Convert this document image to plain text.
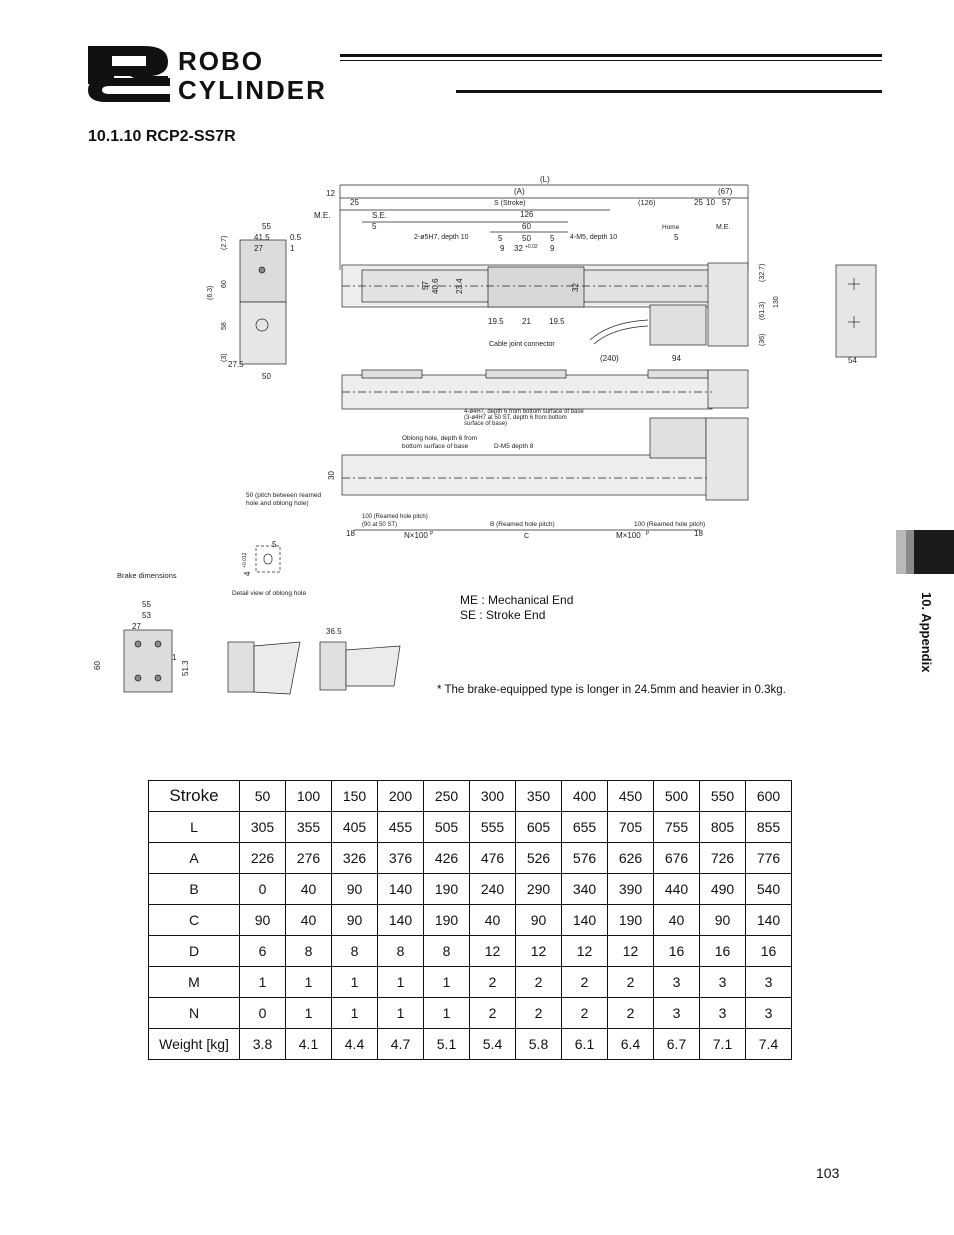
ROBO
CYLINDER
10.1.10 RCP2-SS7R
(L)
(A)
S (Stroke)	(126)
(67)
57
12
25	25 10
M.E.	S.E.
5	Home
5
M.E.
126
60
5 50 5
9 32 +0.02 9
2-ø5H7, depth 10	4-M5, depth 10
55
41.5	0.5
27	1
(2.7)
(6.3)
60
58
(3)
27.5
50
57 40.6 23.4	32
19.5 21 19.5
Cable joint connector
(240)	94
(32.7)
(61.3)
(36)
130
54
4-ø4H7, depth 6 from bottom surface of base
(3-ø4H7 at 50 ST, depth 6 from bottom
surface of base)
Oblong hole, depth 6 from
bottom surface of base	D-M5 depth 8
30
50 (pitch between reamed
hole and oblong hole)
100 (Reamed hole pitch)
(90 at 50 ST)	B (Reamed hole pitch)	100 (Reamed hole pitch)
18	N×100 P	C	M×100 P	18
5
4
+0.012
Brake dimensions
Detail view of oblong hole
55
53
27
60
1
51.3
36.5
ME : Mechanical End
SE : Stroke End
* The brake-equipped type is longer in 24.5mm and heavier in 0.3kg.
10. Appendix
Stroke	50	100	150	200	250	300	350	400	450	500	550	600
L	305	355	405	455	505	555	605	655	705	755	805	855
A	226	276	326	376	426	476	526	576	626	676	726	776
B	0	40	90	140	190	240	290	340	390	440	490	540
C	90	40	90	140	190	40	90	140	190	40	90	140
D	6	8	8	8	8	12	12	12	12	16	16	16
M	1	1	1	1	1	2	2	2	2	3	3	3
N	0	1	1	1	1	2	2	2	2	3	3	3
Weight [kg]	3.8	4.1	4.4	4.7	5.1	5.4	5.8	6.1	6.4	6.7	7.1	7.4
103
